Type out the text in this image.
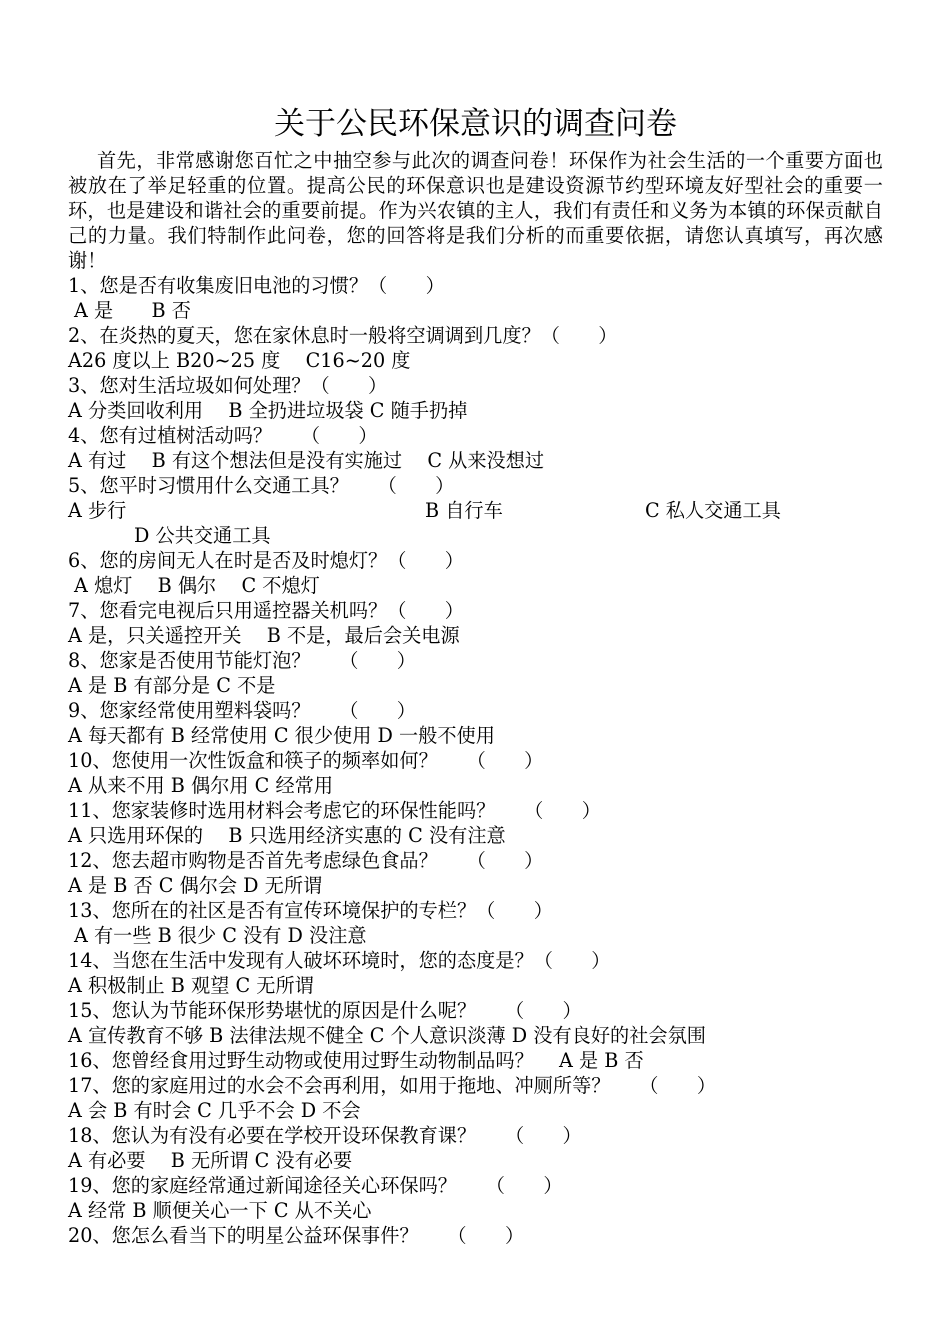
关于公民环保意识的调查问卷

首先，非常感谢您百忙之中抽空参与此次的调查问卷！环保作为社会生活的一个重要方面也被放在了举足轻重的位置。提高公民的环保意识也是建设资源节约型环境友好型社会的重要一环，也是建设和谐社会的重要前提。作为兴农镇的主人，我们有责任和义务为本镇的环保贡献自己的力量。我们特制作此问卷，您的回答将是我们分析的而重要依据，请您认真填写，再次感谢！

1、您是否有收集废旧电池的习惯？（　　）

A 是　　B 否

2、在炎热的夏天，您在家休息时一般将空调调到几度？（　　）

A26 度以上 B20~25 度　 C16~20 度

3、您对生活垃圾如何处理？（　　）

A 分类回收利用　 B 全扔进垃圾袋 C 随手扔掉

4、您有过植树活动吗？　　（　　）

A 有过　 B 有这个想法但是没有实施过　 C 从来没想过

5、您平时习惯用什么交通工具？　　（　　）

A 步行	B 自行车	C 私人交通工具

D 公共交通工具

6、您的房间无人在时是否及时熄灯？（　　）

A 熄灯　 B 偶尔　 C 不熄灯

7、您看完电视后只用遥控器关机吗？（　　）

A 是，只关遥控开关　 B 不是，最后会关电源

8、您家是否使用节能灯泡？　　（　　）

A 是 B 有部分是 C 不是

9、您家经常使用塑料袋吗？　　（　　）

A 每天都有 B 经常使用 C 很少使用 D 一般不使用

10、您使用一次性饭盒和筷子的频率如何？　　（　　）

A 从来不用 B 偶尔用 C 经常用

11、您家装修时选用材料会考虑它的环保性能吗？　　（　　）

A 只选用环保的　 B 只选用经济实惠的 C 没有注意

12、您去超市购物是否首先考虑绿色食品？　　（　　）

A 是 B 否 C 偶尔会 D 无所谓

13、您所在的社区是否有宣传环境保护的专栏？（　　）

A 有一些 B 很少 C 没有 D 没注意

14、当您在生活中发现有人破坏环境时，您的态度是？（　　）

A 积极制止 B 观望 C 无所谓

15、您认为节能环保形势堪忧的原因是什么呢？　　（　　）

A 宣传教育不够 B 法律法规不健全 C 个人意识淡薄 D 没有良好的社会氛围

16、您曾经食用过野生动物或使用过野生动物制品吗？　 A 是 B 否

17、您的家庭用过的水会不会再利用，如用于拖地、冲厕所等？　　（　　）

A 会 B 有时会 C 几乎不会 D 不会

18、您认为有没有必要在学校开设环保教育课？　　（　　）

A 有必要　 B 无所谓 C 没有必要

19、您的家庭经常通过新闻途径关心环保吗？　　（　　）

A 经常 B 顺便关心一下 C 从不关心

20、您怎么看当下的明星公益环保事件？　　（　　）
